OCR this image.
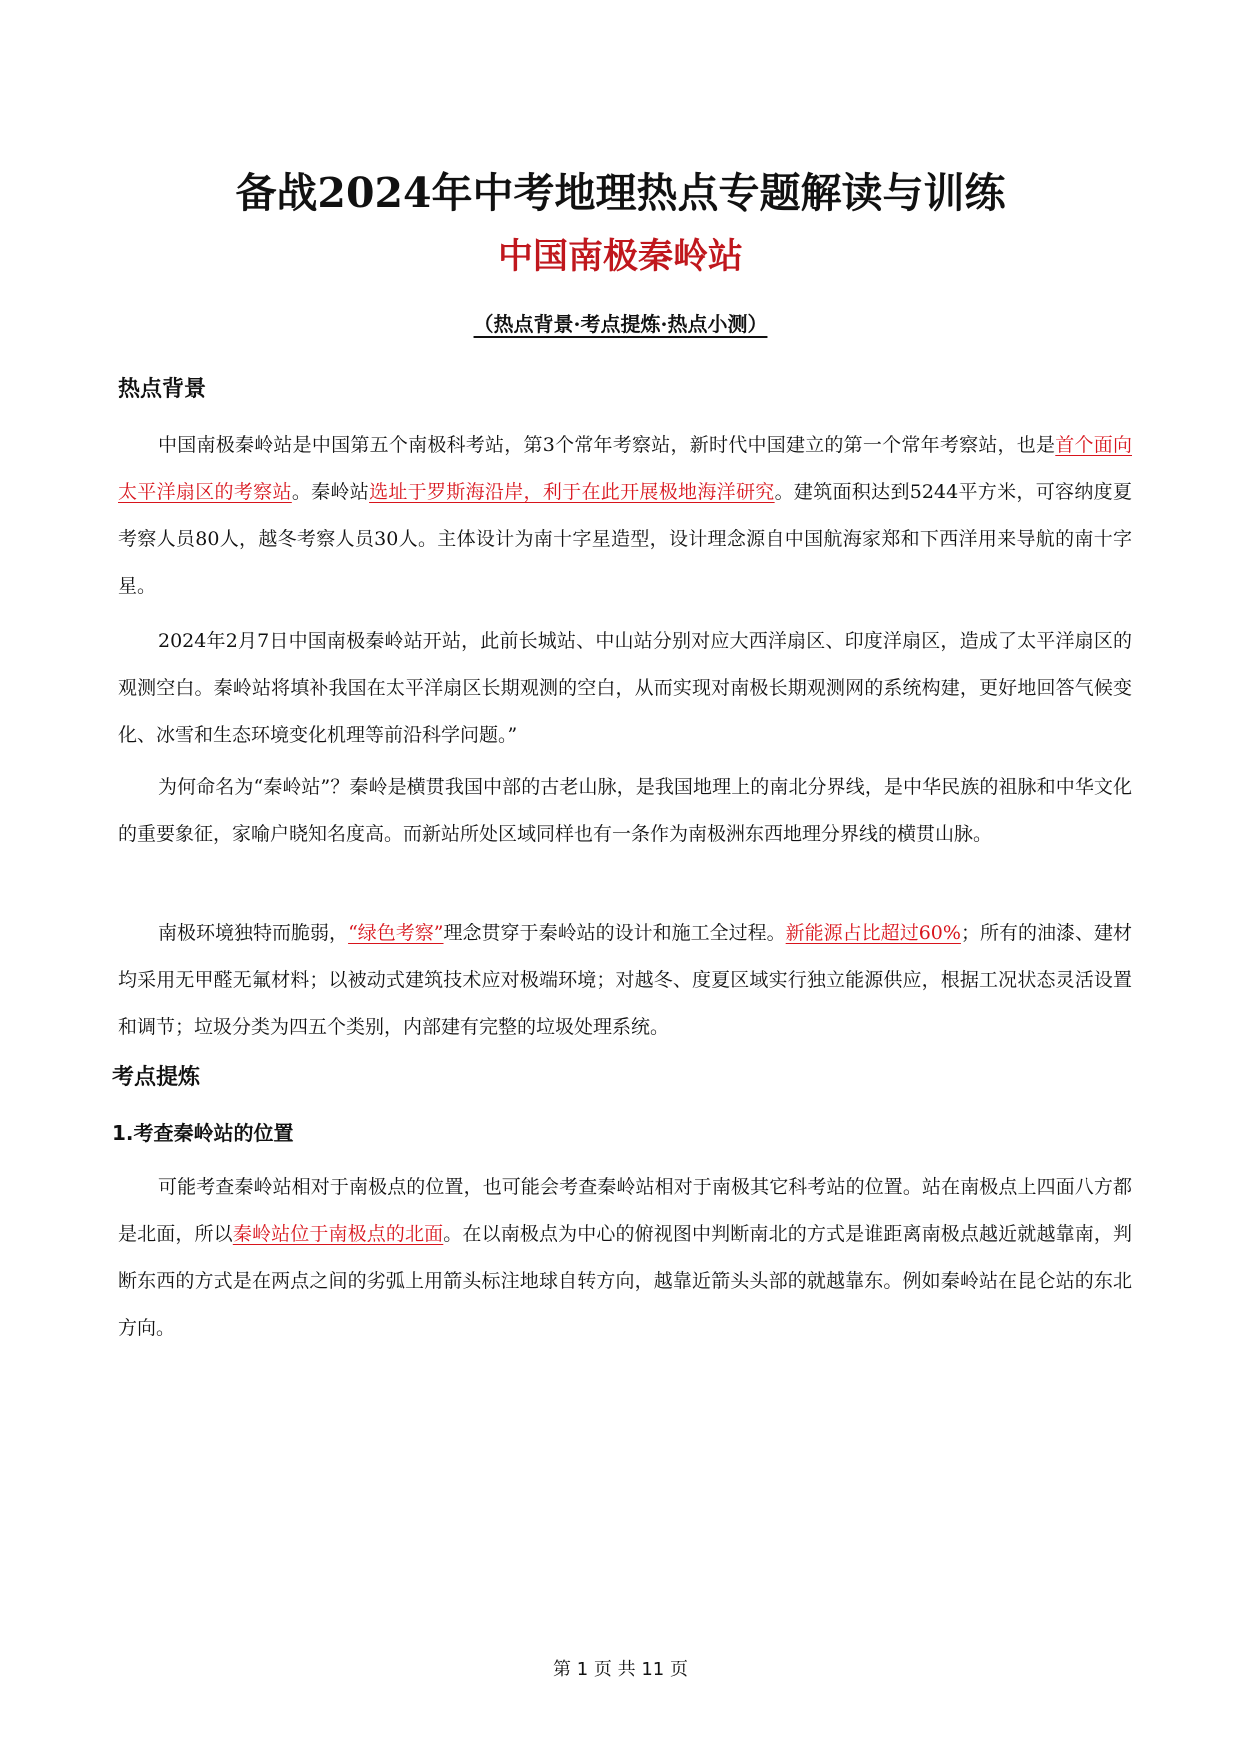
备战2024年中考地理热点专题解读与训练
中国南极秦岭站
（热点背景·考点提炼·热点小测）
热点背景

中国南极秦岭站是中国第五个南极科考站，第3个常年考察站，新时代中国建立的第一个常年考察站，也是首个面向太平洋扇区的考察站。秦岭站选址于罗斯海沿岸，利于在此开展极地海洋研究。建筑面积达到5244平方米，可容纳度夏考察人员80人，越冬考察人员30人。主体设计为南十字星造型，设计理念源自中国航海家郑和下西洋用来导航的南十字星。

2024年2月7日中国南极秦岭站开站，此前长城站、中山站分别对应大西洋扇区、印度洋扇区，造成了太平洋扇区的观测空白。秦岭站将填补我国在太平洋扇区长期观测的空白，从而实现对南极长期观测网的系统构建，更好地回答气候变化、冰雪和生态环境变化机理等前沿科学问题。”

为何命名为“秦岭站”？秦岭是横贯我国中部的古老山脉，是我国地理上的南北分界线，是中华民族的祖脉和中华文化的重要象征，家喻户晓知名度高。而新站所处区域同样也有一条作为南极洲东西地理分界线的横贯山脉。

南极环境独特而脆弱，“绿色考察”理念贯穿于秦岭站的设计和施工全过程。新能源占比超过60%；所有的油漆、建材均采用无甲醛无氟材料；以被动式建筑技术应对极端环境；对越冬、度夏区域实行独立能源供应，根据工况状态灵活设置和调节；垃圾分类为四五个类别，内部建有完整的垃圾处理系统。

考点提炼
1.考查秦岭站的位置

可能考查秦岭站相对于南极点的位置，也可能会考查秦岭站相对于南极其它科考站的位置。站在南极点上四面八方都是北面，所以秦岭站位于南极点的北面。在以南极点为中心的俯视图中判断南北的方式是谁距离南极点越近就越靠南，判断东西的方式是在两点之间的劣弧上用箭头标注地球自转方向，越靠近箭头头部的就越靠东。例如秦岭站在昆仑站的东北方向。

第 1 页 共 11 页
